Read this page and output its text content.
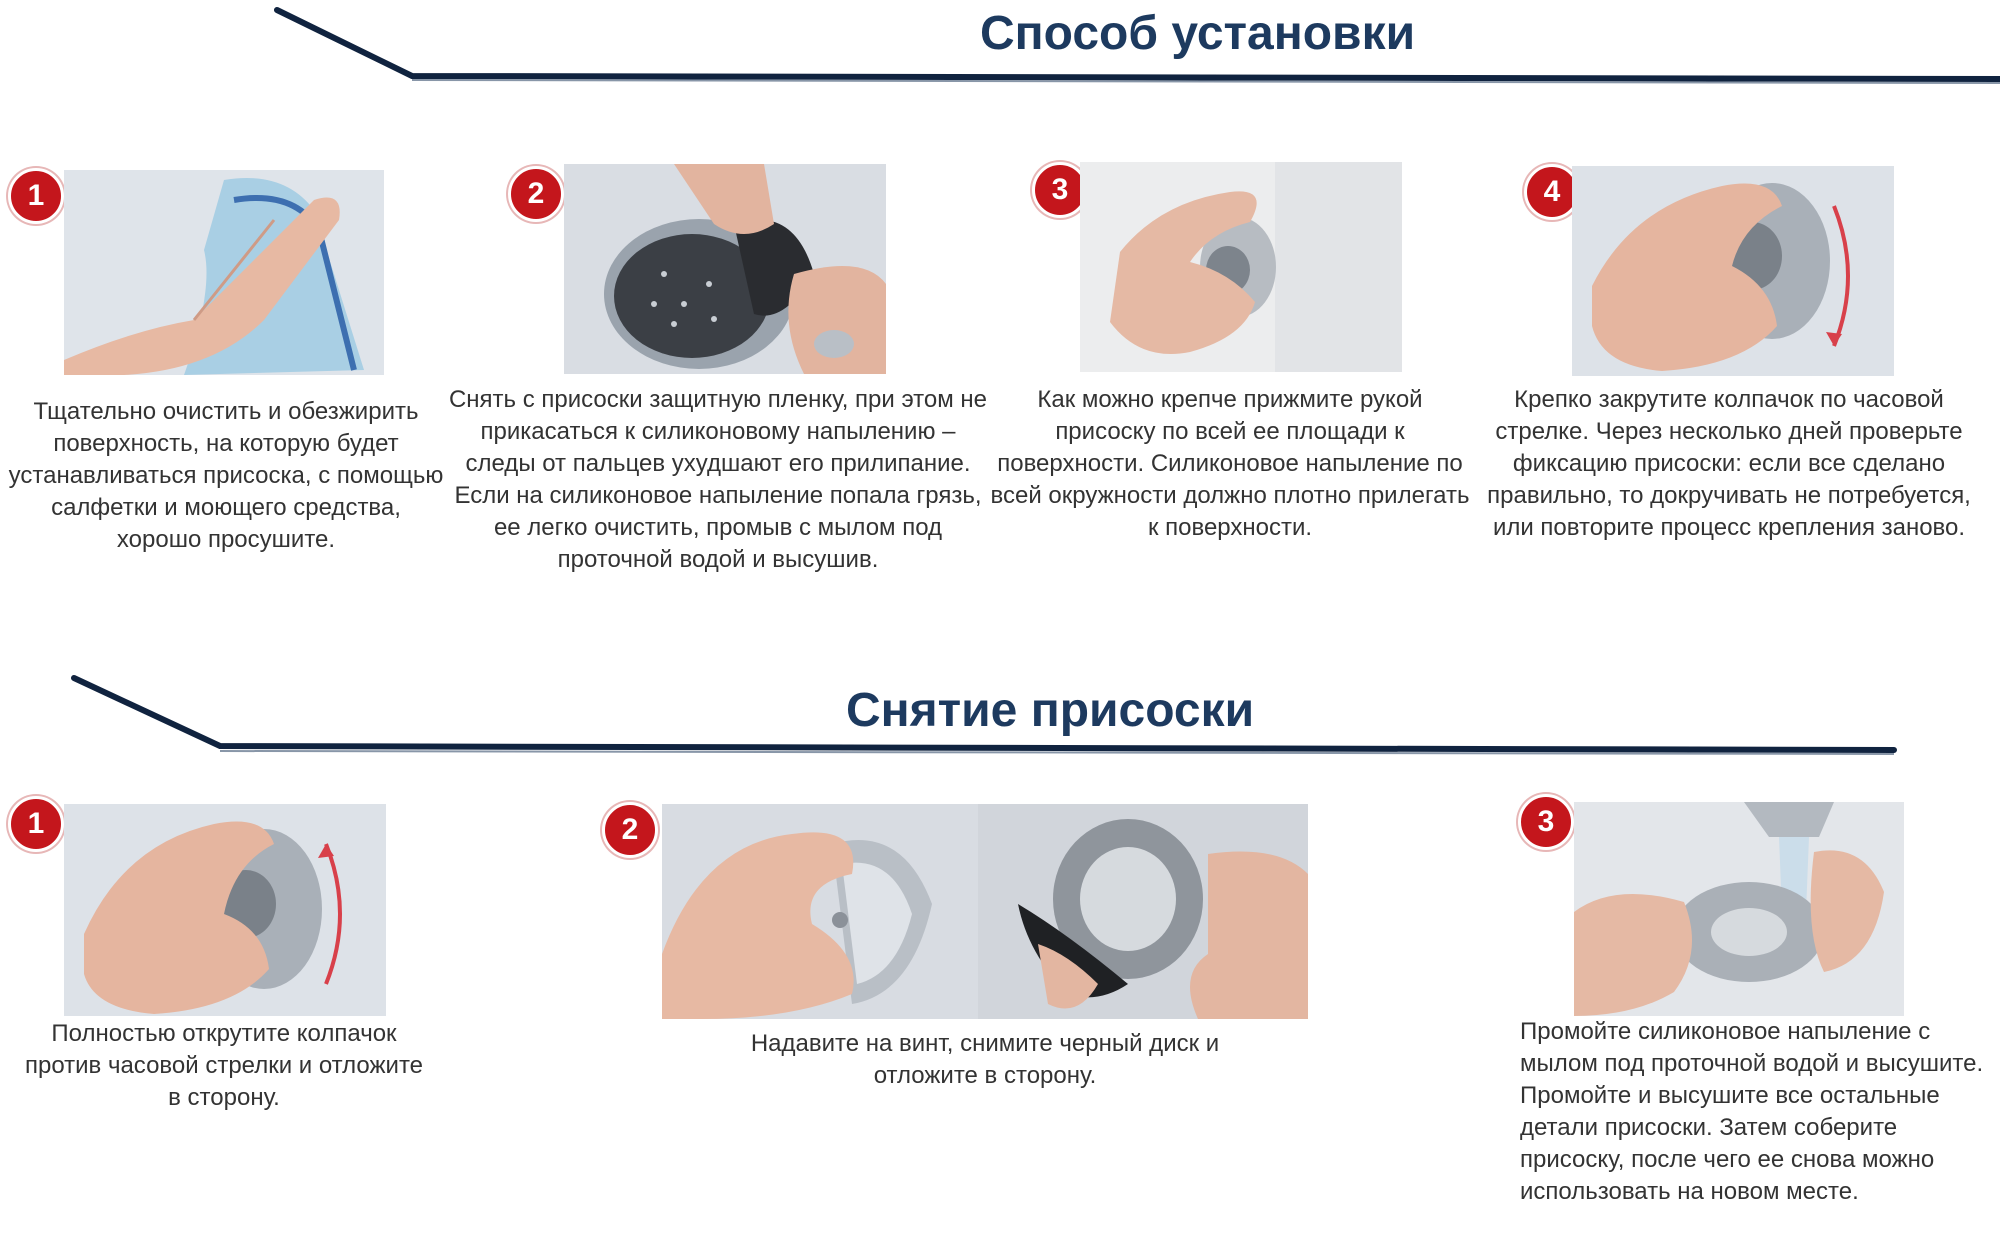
Способ установки
Снятие присоски
1

Тщательно очистить и обезжирить поверхность, на которую будет устанавливаться присоска, с помощью салфетки и моющего средства, хорошо просушите.

2

Снять с присоски защитную пленку, при этом не прикасаться к силиконовому напылению – следы от пальцев ухудшают его прилипание. Если на силиконовое напыление попала грязь, ее легко очистить, промыв с мылом под проточной водой и высушив.

3

Как можно крепче прижмите рукой присоску по всей ее площади к поверхности. Силиконовое напыление по всей окружности должно плотно прилегать к поверхности.

4

Крепко закрутите колпачок по часовой стрелке. Через несколько дней проверьте фиксацию присоски: если все сделано правильно, то докручивать не потребуется, или повторите процесс крепления заново.

1

Полностью открутите колпачок против часовой стрелки и отложите в сторону.

2

Надавите на винт, снимите черный диск и отложите в сторону.

3

Промойте силиконовое напыление с мылом под проточной водой и высушите. Промойте и высушите все остальные детали присоски. Затем соберите присоску, после чего ее снова можно использовать на новом месте.
